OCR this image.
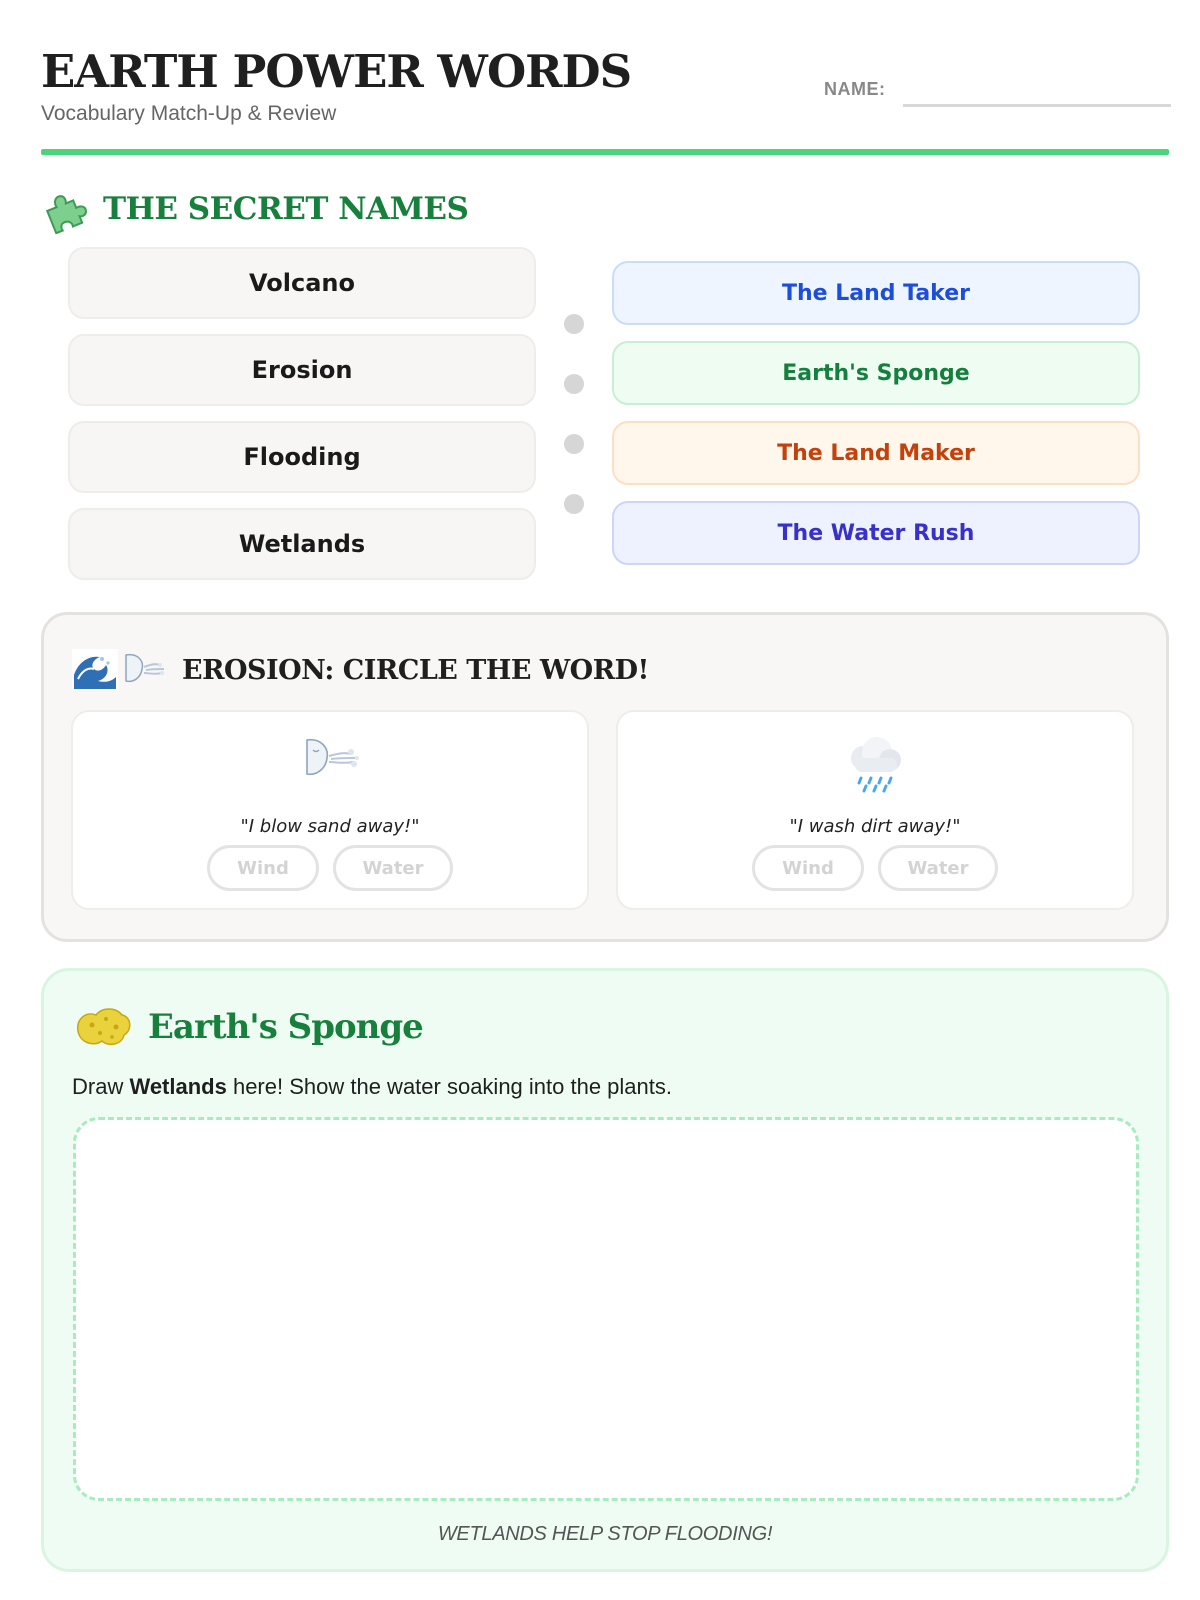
EARTH POWER WORDS
Vocabulary Match-Up & Review
NAME:
THE SECRET NAMES
Volcano
Erosion
Flooding
Wetlands
The Land Taker
Earth's Sponge
The Land Maker
The Water Rush
EROSION: CIRCLE THE WORD!
"I blow sand away!"
Wind	Water
"I wash dirt away!"
Wind	Water
Earth's Sponge
Draw Wetlands here! Show the water soaking into the plants.
WETLANDS HELP STOP FLOODING!
